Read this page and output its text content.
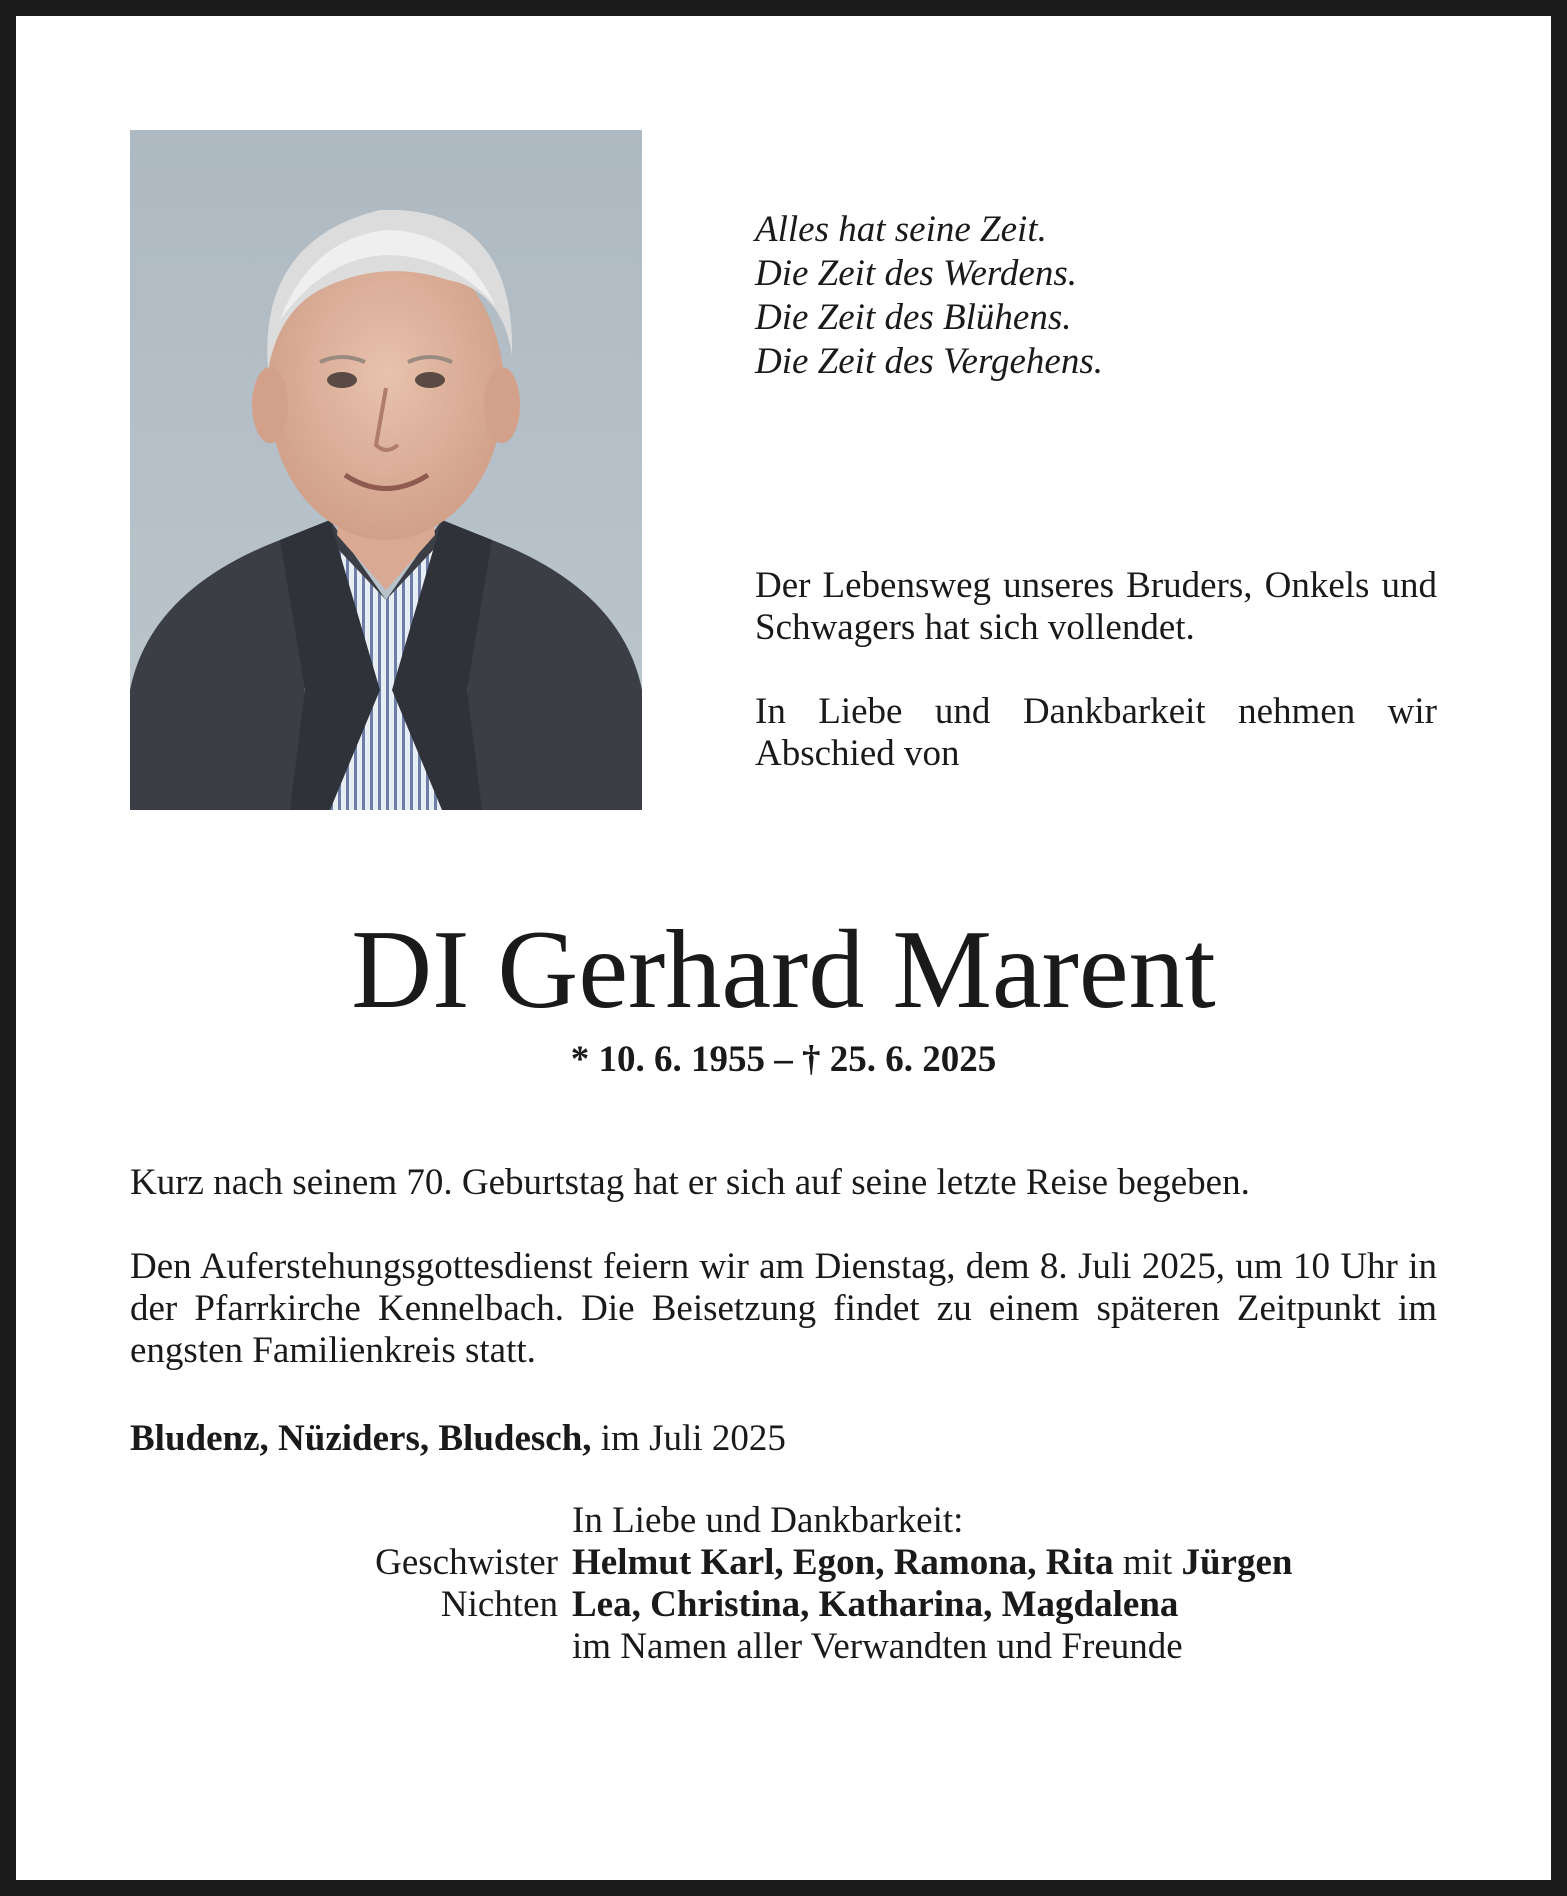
Alles hat seine Zeit.
Die Zeit des Werdens.
Die Zeit des Blühens.
Die Zeit des Vergehens.

Der Lebensweg unseres Bruders, Onkels und Schwagers hat sich vollendet.

In Liebe und Dankbarkeit nehmen wir Abschied von

DI Gerhard Marent
* 10. 6. 1955 – † 25. 6. 2025

Kurz nach seinem 70. Geburtstag hat er sich auf seine letzte Reise begeben.

Den Auferstehungsgottesdienst feiern wir am Dienstag, dem 8. Juli 2025, um 10 Uhr in der Pfarrkirche Kennelbach. Die Beisetzung findet zu einem späteren Zeitpunkt im engsten Familienkreis statt.

Bludenz, Nüziders, Bludesch, im Juli 2025
In Liebe und Dankbarkeit:
Geschwister Helmut Karl, Egon, Ramona, Rita mit Jürgen
Nichten Lea, Christina, Katharina, Magdalena
im Namen aller Verwandten und Freunde
